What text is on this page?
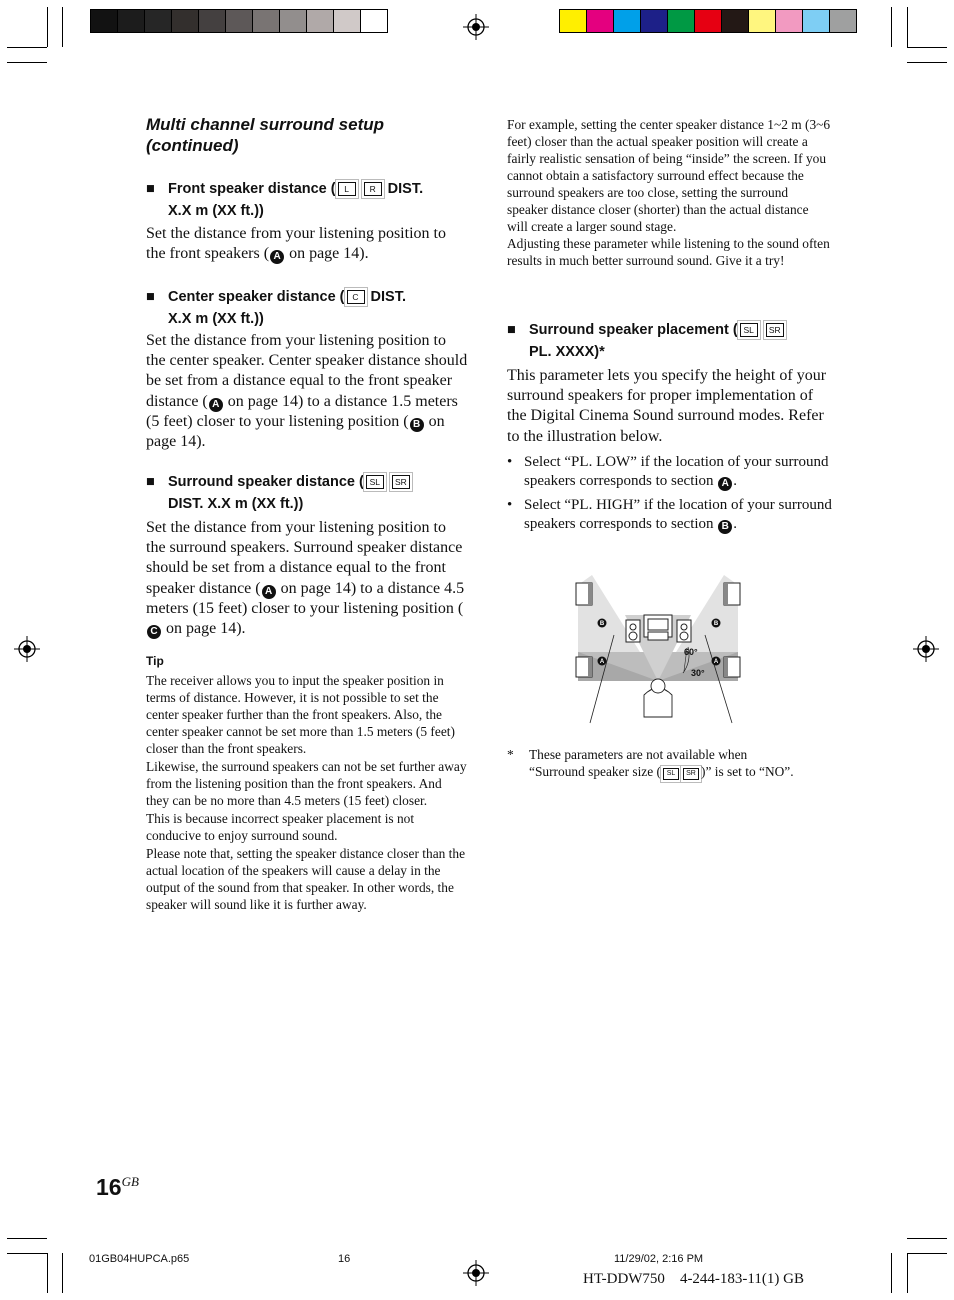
Multi channel surround setup (continued)
■ Front speaker distance ( L R DIST.
X.X m (XX ft.))
Set the distance from your listening position to the front speakers ( A on page 14).
■ Center speaker distance ( C DIST.
X.X m (XX ft.))
Set the distance from your listening position to the center speaker. Center speaker distance should be set from a distance equal to the front speaker distance ( A on page 14) to a distance 1.5 meters (5 feet) closer to your listening position ( B on page 14).
■ Surround speaker distance ( SL SR
DIST. X.X m (XX ft.))
Set the distance from your listening position to the surround speakers. Surround speaker distance should be set from a distance equal to the front speaker distance ( A on page 14) to a distance 4.5 meters (15 feet) closer to your listening position (C on page 14).
Tip
The receiver allows you to input the speaker position in terms of distance. However, it is not possible to set the center speaker further than the front speakers. Also, the center speaker cannot be set more than 1.5 meters (5 feet) closer than the front speakers.
Likewise, the surround speakers can not be set further away from the listening position than the front speakers. And they can be no more than 4.5 meters (15 feet) closer.
This is because incorrect speaker placement is not conducive to enjoy surround sound.
Please note that, setting the speaker distance closer than the actual location of the speakers will cause a delay in the output of the sound from that speaker. In other words, the speaker will sound like it is further away.
For example, setting the center speaker distance 1~2 m (3~6 feet) closer than the actual speaker position will create a fairly realistic sensation of being “inside” the screen. If you cannot obtain a satisfactory surround effect because the surround speakers are too close, setting the surround speaker distance closer (shorter) than the actual distance will create a larger sound stage.
Adjusting these parameter while listening to the sound often results in much better surround sound. Give it a try!
■ Surround speaker placement ( SL SR
PL. XXXX)*
This parameter lets you specify the height of your surround speakers for proper implementation of the Digital Cinema Sound surround modes. Refer to the illustration below.
• Select “PL. LOW” if the location of your surround speakers corresponds to section A .
• Select “PL. HIGH” if the location of your surround speakers corresponds to section B .
60°
30°
B	B
A	A
* These parameters are not available when
“Surround speaker size ( SL SR )” is set to “NO”.
$16^{GB}$
01GB04HUPCA.p65	16	11/29/02, 2:16 PM
HT-DDW750 4-244-183-11(1) GB
